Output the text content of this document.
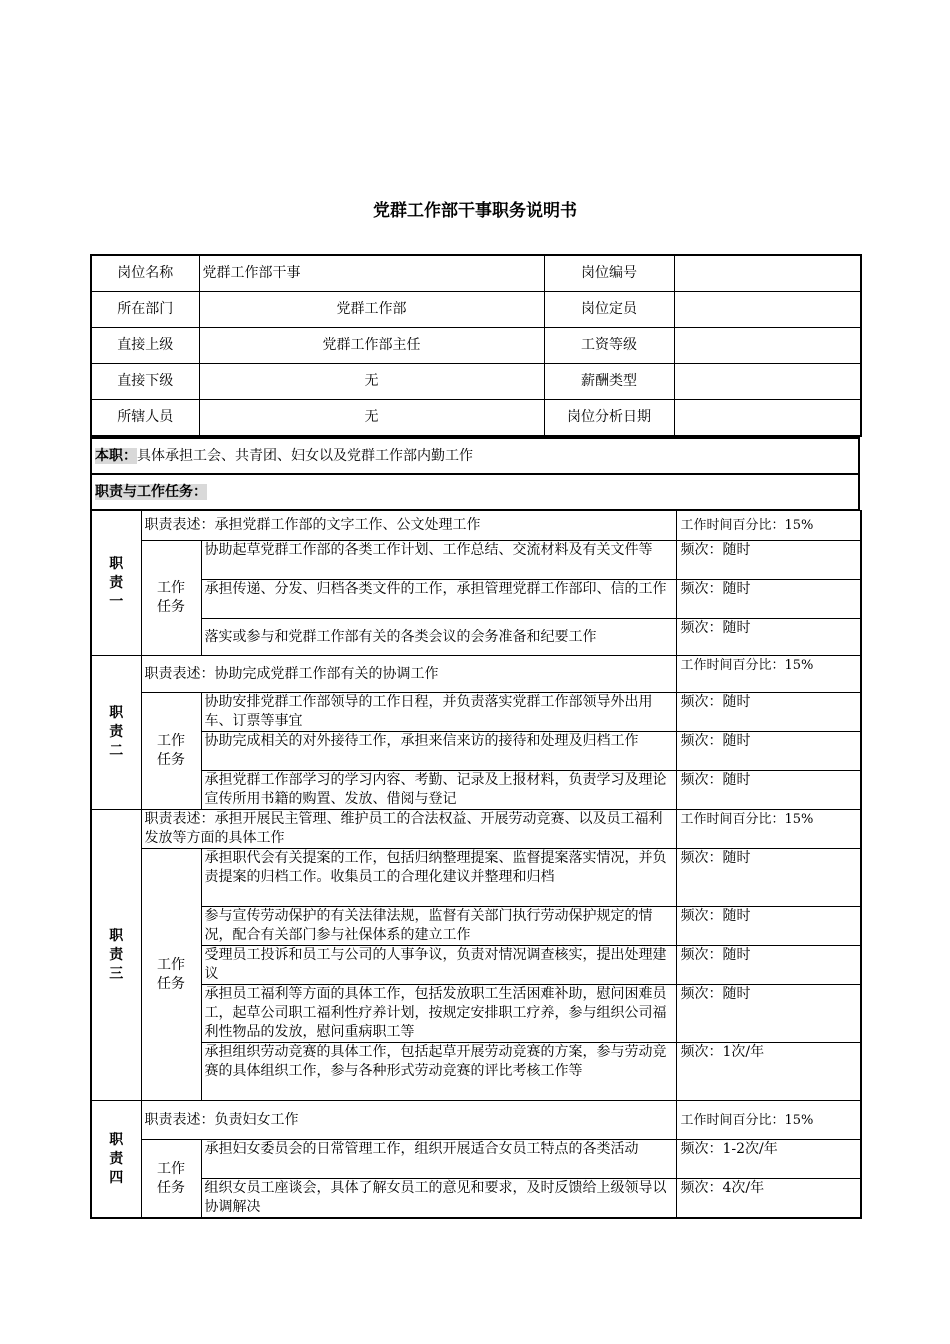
党群工作部干事职务说明书
岗位名称	党群工作部干事	岗位编号	
所在部门	党群工作部	岗位定员	
直接上级	党群工作部主任	工资等级	
直接下级	无	薪酬类型	
所辖人员	无	岗位分析日期	
本职：具体承担工会、共青团、妇女以及党群工作部内勤工作
职责与工作任务：
职责一	职责表述：承担党群工作部的文字工作、公文处理工作		工作时间百分比：15%

	工作任务	协助起草党群工作部的各类工作计划、工作总结、交流材料及有关文件等	频次：随时
		承担传递、分发、归档各类文件的工作，承担管理党群工作部印、信的工作	频次：随时
		落实或参与和党群工作部有关的各类会议的会务准备和纪要工作	频次：随时

职责二	职责表述：协助完成党群工作部有关的协调工作		工作时间百分比：15%

	工作任务	协助安排党群工作部领导的工作日程，并负责落实党群工作部领导外出用车、订票等事宜	频次：随时
		协助完成相关的对外接待工作，承担来信来访的接待和处理及归档工作	频次：随时
		承担党群工作部学习的学习内容、考勤、记录及上报材料，负责学习及理论宣传所用书籍的购置、发放、借阅与登记	频次：随时

职责三	职责表述：承担开展民主管理、维护员工的合法权益、开展劳动竞赛、以及员工福利发放等方面的具体工作		工作时间百分比：15%

	工作任务	承担职代会有关提案的工作，包括归纳整理提案、监督提案落实情况，并负责提案的归档工作。收集员工的合理化建议并整理和归档	频次：随时
		参与宣传劳动保护的有关法律法规，监督有关部门执行劳动保护规定的情况，配合有关部门参与社保体系的建立工作	频次：随时
		受理员工投诉和员工与公司的人事争议，负责对情况调查核实，提出处理建议	频次：随时
		承担员工福利等方面的具体工作，包括发放职工生活困难补助，慰问困难员工，起草公司职工福利性疗养计划，按规定安排职工疗养，参与组织公司福利性物品的发放，慰问重病职工等	频次：随时
		承担组织劳动竞赛的具体工作，包括起草开展劳动竞赛的方案，参与劳动竞赛的具体组织工作，参与各种形式劳动竞赛的评比考核工作等	频次：1次/年

职责四	职责表述：负责妇女工作		工作时间百分比：15%

	工作任务	承担妇女委员会的日常管理工作，组织开展适合女员工特点的各类活动	频次：1-2次/年
		组织女员工座谈会，具体了解女员工的意见和要求，及时反馈给上级领导以协调解决	频次：4次/年
